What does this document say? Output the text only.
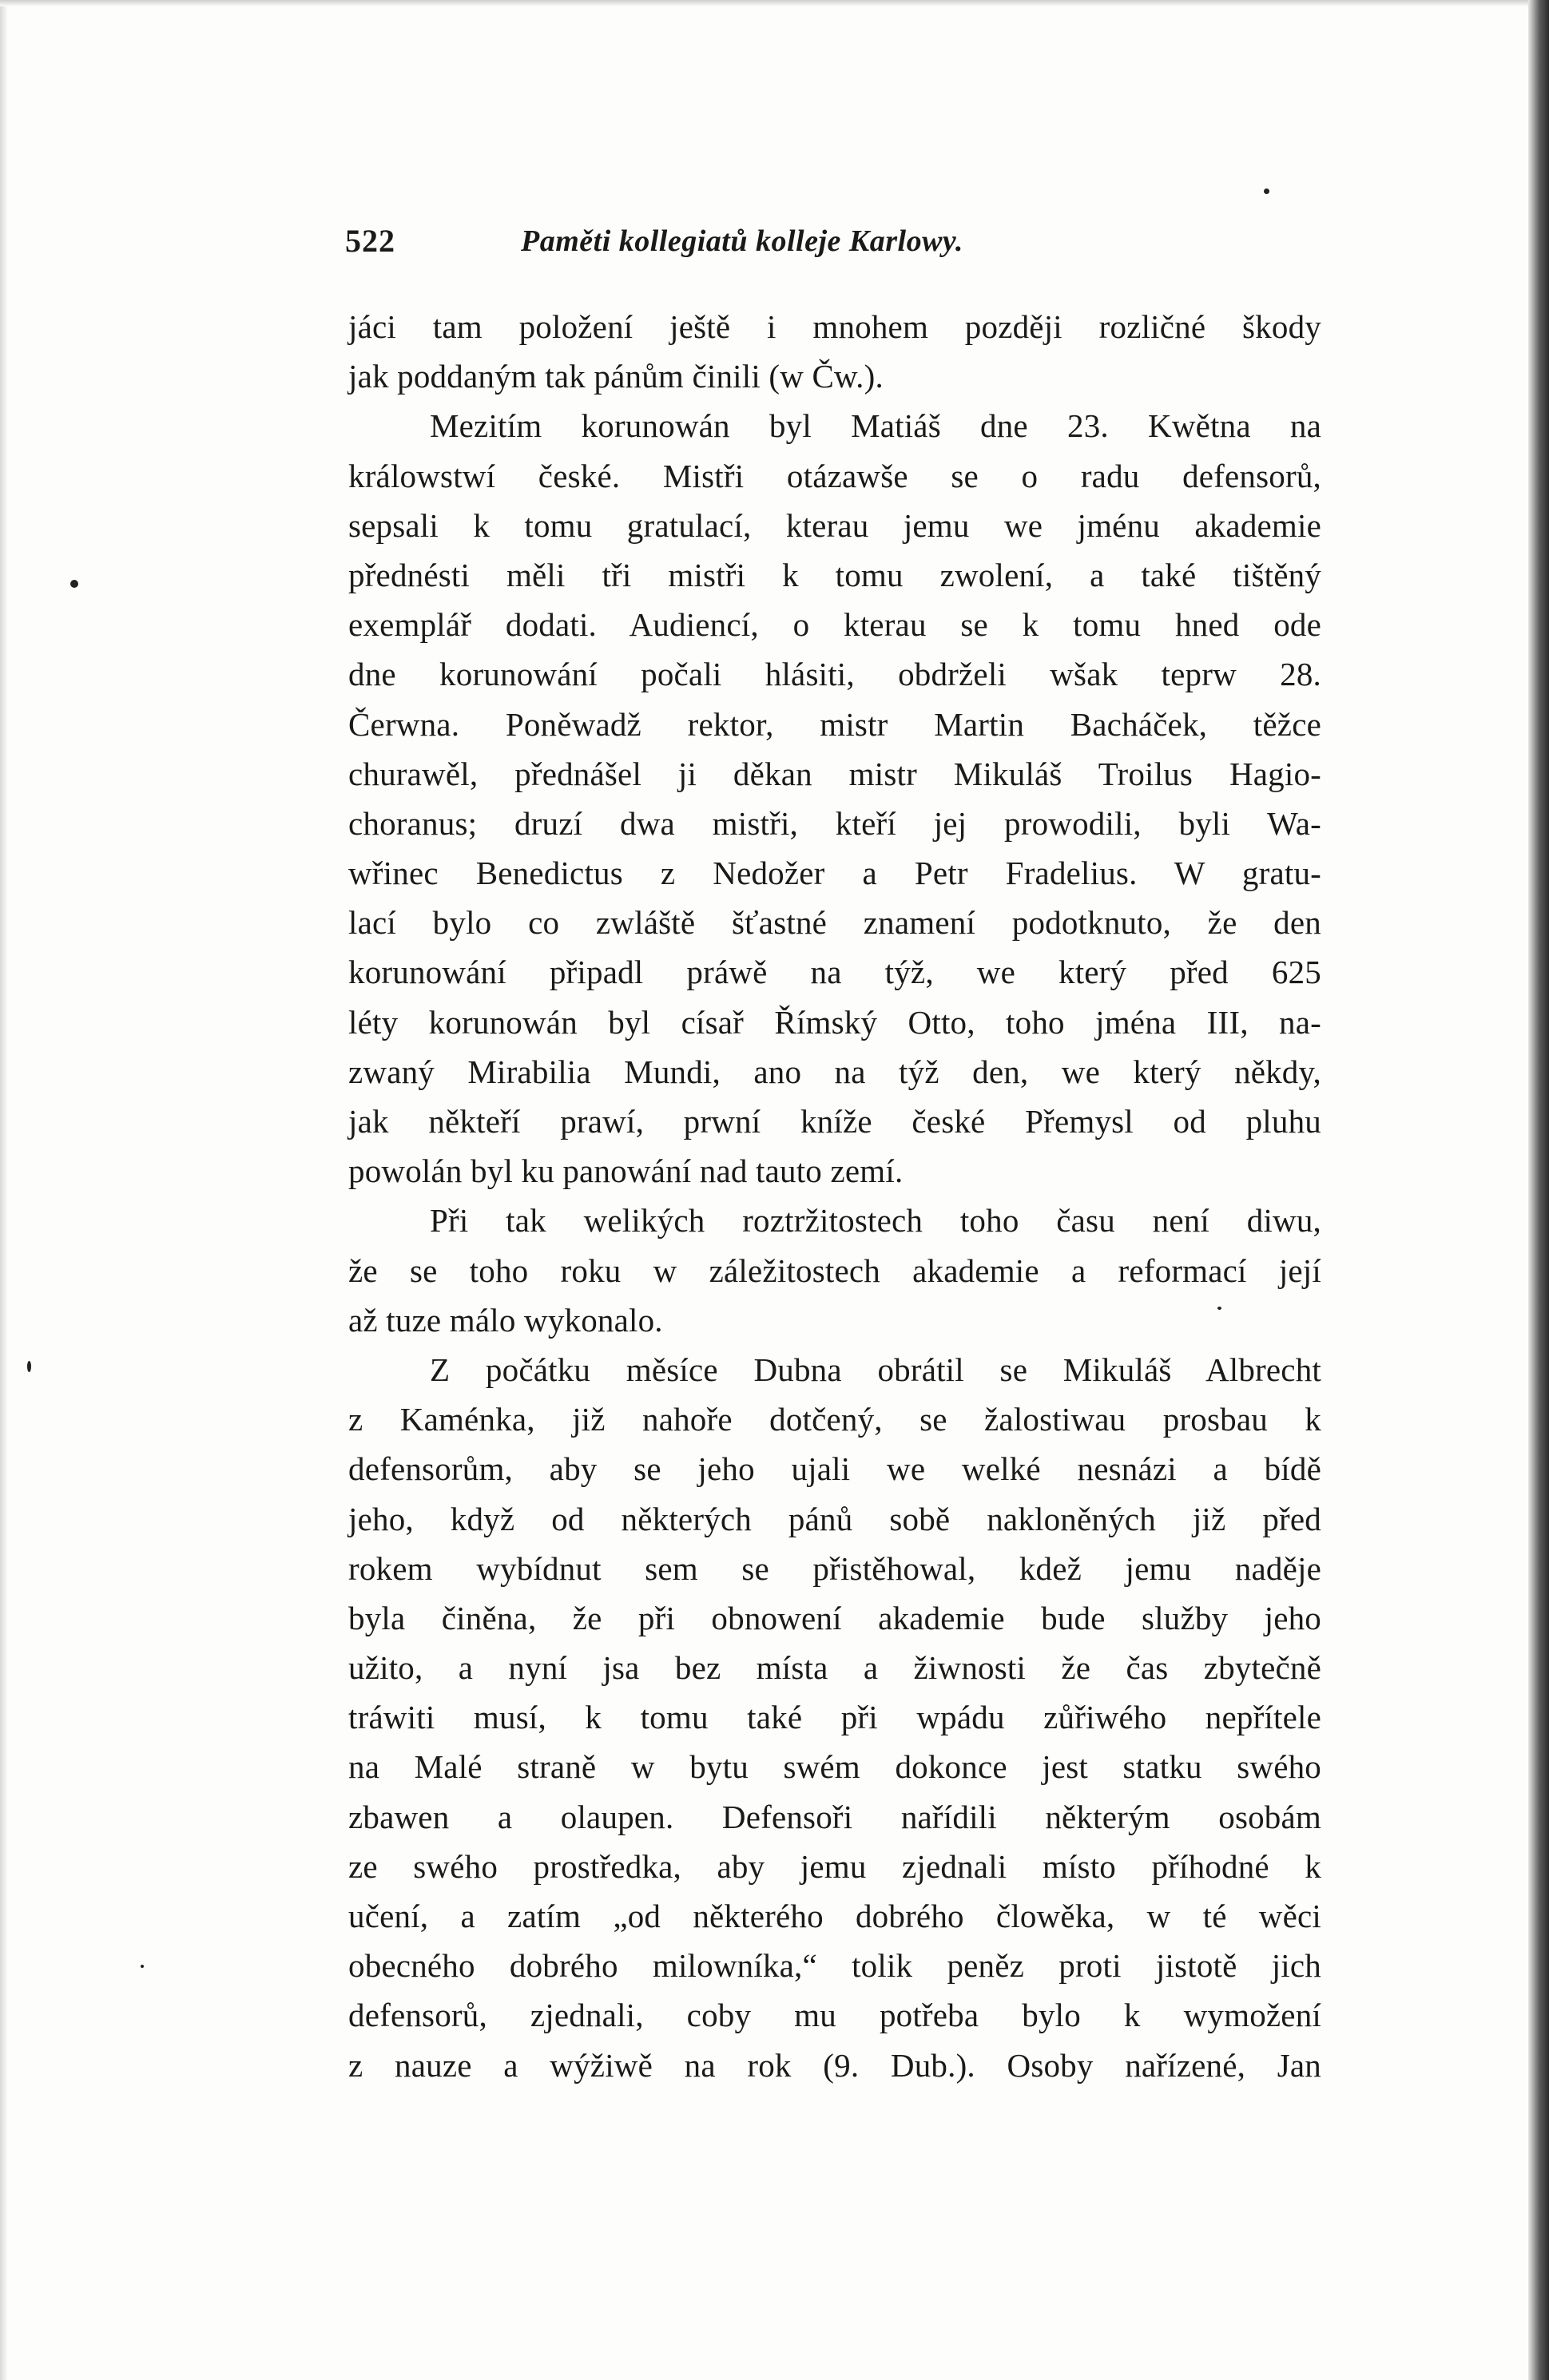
522	Paměti kollegiatů kolleje Karlowy.
jáci tam položení ještě i mnohem později rozličné škody
jak poddaným tak pánům činili (w Čw.).
Mezitím korunowán byl Matiáš dne 23. Kwětna na
králowstwí české. Mistři otázawše se o radu defensorů,
sepsali k tomu gratulací, kterau jemu we jménu akademie
přednésti měli tři mistři k tomu zwolení, a také tištěný
exemplář dodati. Audiencí, o kterau se k tomu hned ode
dne korunowání počali hlásiti, obdrželi wšak teprw 28.
Čerwna. Poněwadž rektor, mistr Martin Bacháček, těžce
churawěl, přednášel ji děkan mistr Mikuláš Troilus Hagio-
choranus; druzí dwa mistři, kteří jej prowodili, byli Wa-
wřinec Benedictus z Nedožer a Petr Fradelius. W gratu-
lací bylo co zwláště šťastné znamení podotknuto, že den
korunowání připadl práwě na týž, we který před 625
léty korunowán byl císař Římský Otto, toho jména III, na-
zwaný Mirabilia Mundi, ano na týž den, we který někdy,
jak někteří prawí, prwní kníže české Přemysl od pluhu
powolán byl ku panowání nad tauto zemí.
Při tak welikých roztržitostech toho času není diwu,
že se toho roku w záležitostech akademie a reformací její
až tuze málo wykonalo.
Z počátku měsíce Dubna obrátil se Mikuláš Albrecht
z Kaménka, již nahoře dotčený, se žalostiwau prosbau k
defensorům, aby se jeho ujali we welké nesnázi a bídě
jeho, když od některých pánů sobě nakloněných již před
rokem wybídnut sem se přistěhowal, kdež jemu naděje
byla činěna, že při obnowení akademie bude služby jeho
užito, a nyní jsa bez místa a žiwnosti že čas zbytečně
tráwiti musí, k tomu také při wpádu zůřiwého nepřítele
na Malé straně w bytu swém dokonce jest statku swého
zbawen a olaupen. Defensoři nařídili některým osobám
ze swého prostředka, aby jemu zjednali místo příhodné k
učení, a zatím „od některého dobrého člowěka, w té wěci
obecného dobrého milowníka,“ tolik peněz proti jistotě jich
defensorů, zjednali, coby mu potřeba bylo k wymožení
z nauze a wýžiwě na rok (9. Dub.). Osoby nařízené, Jan
